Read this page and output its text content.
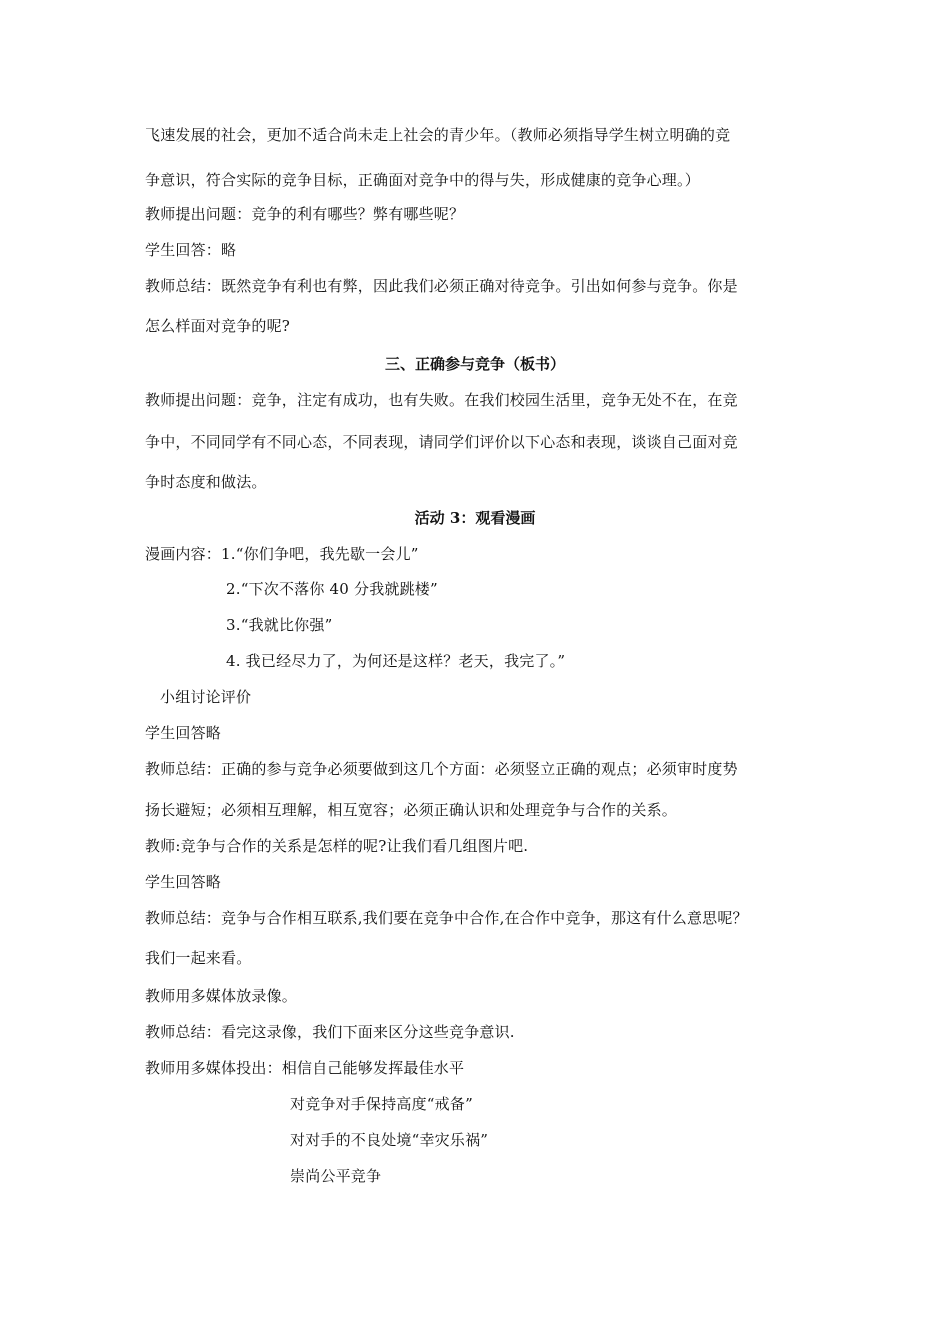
飞速发展的社会，更加不适合尚未走上社会的青少年。（教师必须指导学生树立明确的竞
争意识，符合实际的竞争目标，正确面对竞争中的得与失，形成健康的竞争心理。）
教师提出问题：竞争的利有哪些？弊有哪些呢？
学生回答：略
教师总结：既然竞争有利也有弊，因此我们必须正确对待竞争。引出如何参与竞争。你是
怎么样面对竞争的呢?
三、正确参与竞争（板书）
教师提出问题：竞争，注定有成功，也有失败。在我们校园生活里，竞争无处不在，在竞
争中，不同同学有不同心态，不同表现，请同学们评价以下心态和表现，谈谈自己面对竞
争时态度和做法。
活动 3：观看漫画
漫画内容：1.“你们争吧，我先歇一会儿”
2.“下次不落你 40 分我就跳楼”
3.“我就比你强”
4. 我已经尽力了，为何还是这样？老天，我完了。”
小组讨论评价
学生回答略
教师总结：正确的参与竞争必须要做到这几个方面：必须竖立正确的观点；必须审时度势
扬长避短；必须相互理解，相互宽容；必须正确认识和处理竞争与合作的关系。
教师:竞争与合作的关系是怎样的呢?让我们看几组图片吧.
学生回答略
教师总结：竞争与合作相互联系,我们要在竞争中合作,在合作中竞争，那这有什么意思呢？
我们一起来看。
教师用多媒体放录像。
教师总结：看完这录像，我们下面来区分这些竞争意识.
教师用多媒体投出：相信自己能够发挥最佳水平
对竞争对手保持高度“戒备”
对对手的不良处境“幸灾乐祸”
崇尚公平竞争
